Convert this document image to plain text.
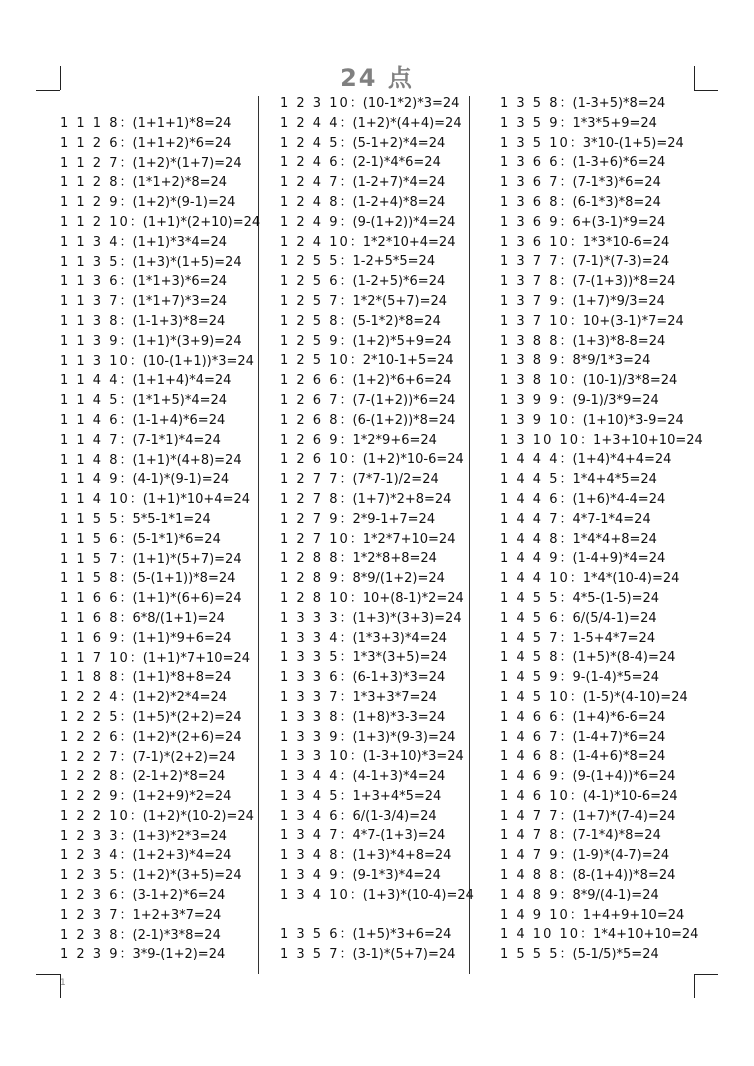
24 点
1 1 1 8：(1+1+1)*8=24
1 1 2 6：(1+1+2)*6=24
1 1 2 7：(1+2)*(1+7)=24
1 1 2 8：(1*1+2)*8=24
1 1 2 9：(1+2)*(9-1)=24
1 1 2 10：(1+1)*(2+10)=24
1 1 3 4：(1+1)*3*4=24
1 1 3 5：(1+3)*(1+5)=24
1 1 3 6：(1*1+3)*6=24
1 1 3 7：(1*1+7)*3=24
1 1 3 8：(1-1+3)*8=24
1 1 3 9：(1+1)*(3+9)=24
1 1 3 10：(10-(1+1))*3=24
1 1 4 4：(1+1+4)*4=24
1 1 4 5：(1*1+5)*4=24
1 1 4 6：(1-1+4)*6=24
1 1 4 7：(7-1*1)*4=24
1 1 4 8：(1+1)*(4+8)=24
1 1 4 9：(4-1)*(9-1)=24
1 1 4 10：(1+1)*10+4=24
1 1 5 5：5*5-1*1=24
1 1 5 6：(5-1*1)*6=24
1 1 5 7：(1+1)*(5+7)=24
1 1 5 8：(5-(1+1))*8=24
1 1 6 6：(1+1)*(6+6)=24
1 1 6 8：6*8/(1+1)=24
1 1 6 9：(1+1)*9+6=24
1 1 7 10：(1+1)*7+10=24
1 1 8 8：(1+1)*8+8=24
1 2 2 4：(1+2)*2*4=24
1 2 2 5：(1+5)*(2+2)=24
1 2 2 6：(1+2)*(2+6)=24
1 2 2 7：(7-1)*(2+2)=24
1 2 2 8：(2-1+2)*8=24
1 2 2 9：(1+2+9)*2=24
1 2 2 10：(1+2)*(10-2)=24
1 2 3 3：(1+3)*2*3=24
1 2 3 4：(1+2+3)*4=24
1 2 3 5：(1+2)*(3+5)=24
1 2 3 6：(3-1+2)*6=24
1 2 3 7：1+2+3*7=24
1 2 3 8：(2-1)*3*8=24
1 2 3 9：3*9-(1+2)=24
1 2 3 10：(10-1*2)*3=24
1 2 4 4：(1+2)*(4+4)=24
1 2 4 5：(5-1+2)*4=24
1 2 4 6：(2-1)*4*6=24
1 2 4 7：(1-2+7)*4=24
1 2 4 8：(1-2+4)*8=24
1 2 4 9：(9-(1+2))*4=24
1 2 4 10：1*2*10+4=24
1 2 5 5：1-2+5*5=24
1 2 5 6：(1-2+5)*6=24
1 2 5 7：1*2*(5+7)=24
1 2 5 8：(5-1*2)*8=24
1 2 5 9：(1+2)*5+9=24
1 2 5 10：2*10-1+5=24
1 2 6 6：(1+2)*6+6=24
1 2 6 7：(7-(1+2))*6=24
1 2 6 8：(6-(1+2))*8=24
1 2 6 9：1*2*9+6=24
1 2 6 10：(1+2)*10-6=24
1 2 7 7：(7*7-1)/2=24
1 2 7 8：(1+7)*2+8=24
1 2 7 9：2*9-1+7=24
1 2 7 10：1*2*7+10=24
1 2 8 8：1*2*8+8=24
1 2 8 9：8*9/(1+2)=24
1 2 8 10：10+(8-1)*2=24
1 3 3 3：(1+3)*(3+3)=24
1 3 3 4：(1*3+3)*4=24
1 3 3 5：1*3*(3+5)=24
1 3 3 6：(6-1+3)*3=24
1 3 3 7：1*3+3*7=24
1 3 3 8：(1+8)*3-3=24
1 3 3 9：(1+3)*(9-3)=24
1 3 3 10：(1-3+10)*3=24
1 3 4 4：(4-1+3)*4=24
1 3 4 5：1+3+4*5=24
1 3 4 6：6/(1-3/4)=24
1 3 4 7：4*7-(1+3)=24
1 3 4 8：(1+3)*4+8=24
1 3 4 9：(9-1*3)*4=24
1 3 4 10：(1+3)*(10-4)=24
1 3 5 6：(1+5)*3+6=24
1 3 5 7：(3-1)*(5+7)=24
1 3 5 8：(1-3+5)*8=24
1 3 5 9：1*3*5+9=24
1 3 5 10：3*10-(1+5)=24
1 3 6 6：(1-3+6)*6=24
1 3 6 7：(7-1*3)*6=24
1 3 6 8：(6-1*3)*8=24
1 3 6 9：6+(3-1)*9=24
1 3 6 10：1*3*10-6=24
1 3 7 7：(7-1)*(7-3)=24
1 3 7 8：(7-(1+3))*8=24
1 3 7 9：(1+7)*9/3=24
1 3 7 10：10+(3-1)*7=24
1 3 8 8：(1+3)*8-8=24
1 3 8 9：8*9/1*3=24
1 3 8 10：(10-1)/3*8=24
1 3 9 9：(9-1)/3*9=24
1 3 9 10：(1+10)*3-9=24
1 3 10 10：1+3+10+10=24
1 4 4 4：(1+4)*4+4=24
1 4 4 5：1*4+4*5=24
1 4 4 6：(1+6)*4-4=24
1 4 4 7：4*7-1*4=24
1 4 4 8：1*4*4+8=24
1 4 4 9：(1-4+9)*4=24
1 4 4 10：1*4*(10-4)=24
1 4 5 5：4*5-(1-5)=24
1 4 5 6：6/(5/4-1)=24
1 4 5 7：1-5+4*7=24
1 4 5 8：(1+5)*(8-4)=24
1 4 5 9：9-(1-4)*5=24
1 4 5 10：(1-5)*(4-10)=24
1 4 6 6：(1+4)*6-6=24
1 4 6 7：(1-4+7)*6=24
1 4 6 8：(1-4+6)*8=24
1 4 6 9：(9-(1+4))*6=24
1 4 6 10：(4-1)*10-6=24
1 4 7 7：(1+7)*(7-4)=24
1 4 7 8：(7-1*4)*8=24
1 4 7 9：(1-9)*(4-7)=24
1 4 8 8：(8-(1+4))*8=24
1 4 8 9：8*9/(4-1)=24
1 4 9 10：1+4+9+10=24
1 4 10 10：1*4+10+10=24
1 5 5 5：(5-1/5)*5=24
1
